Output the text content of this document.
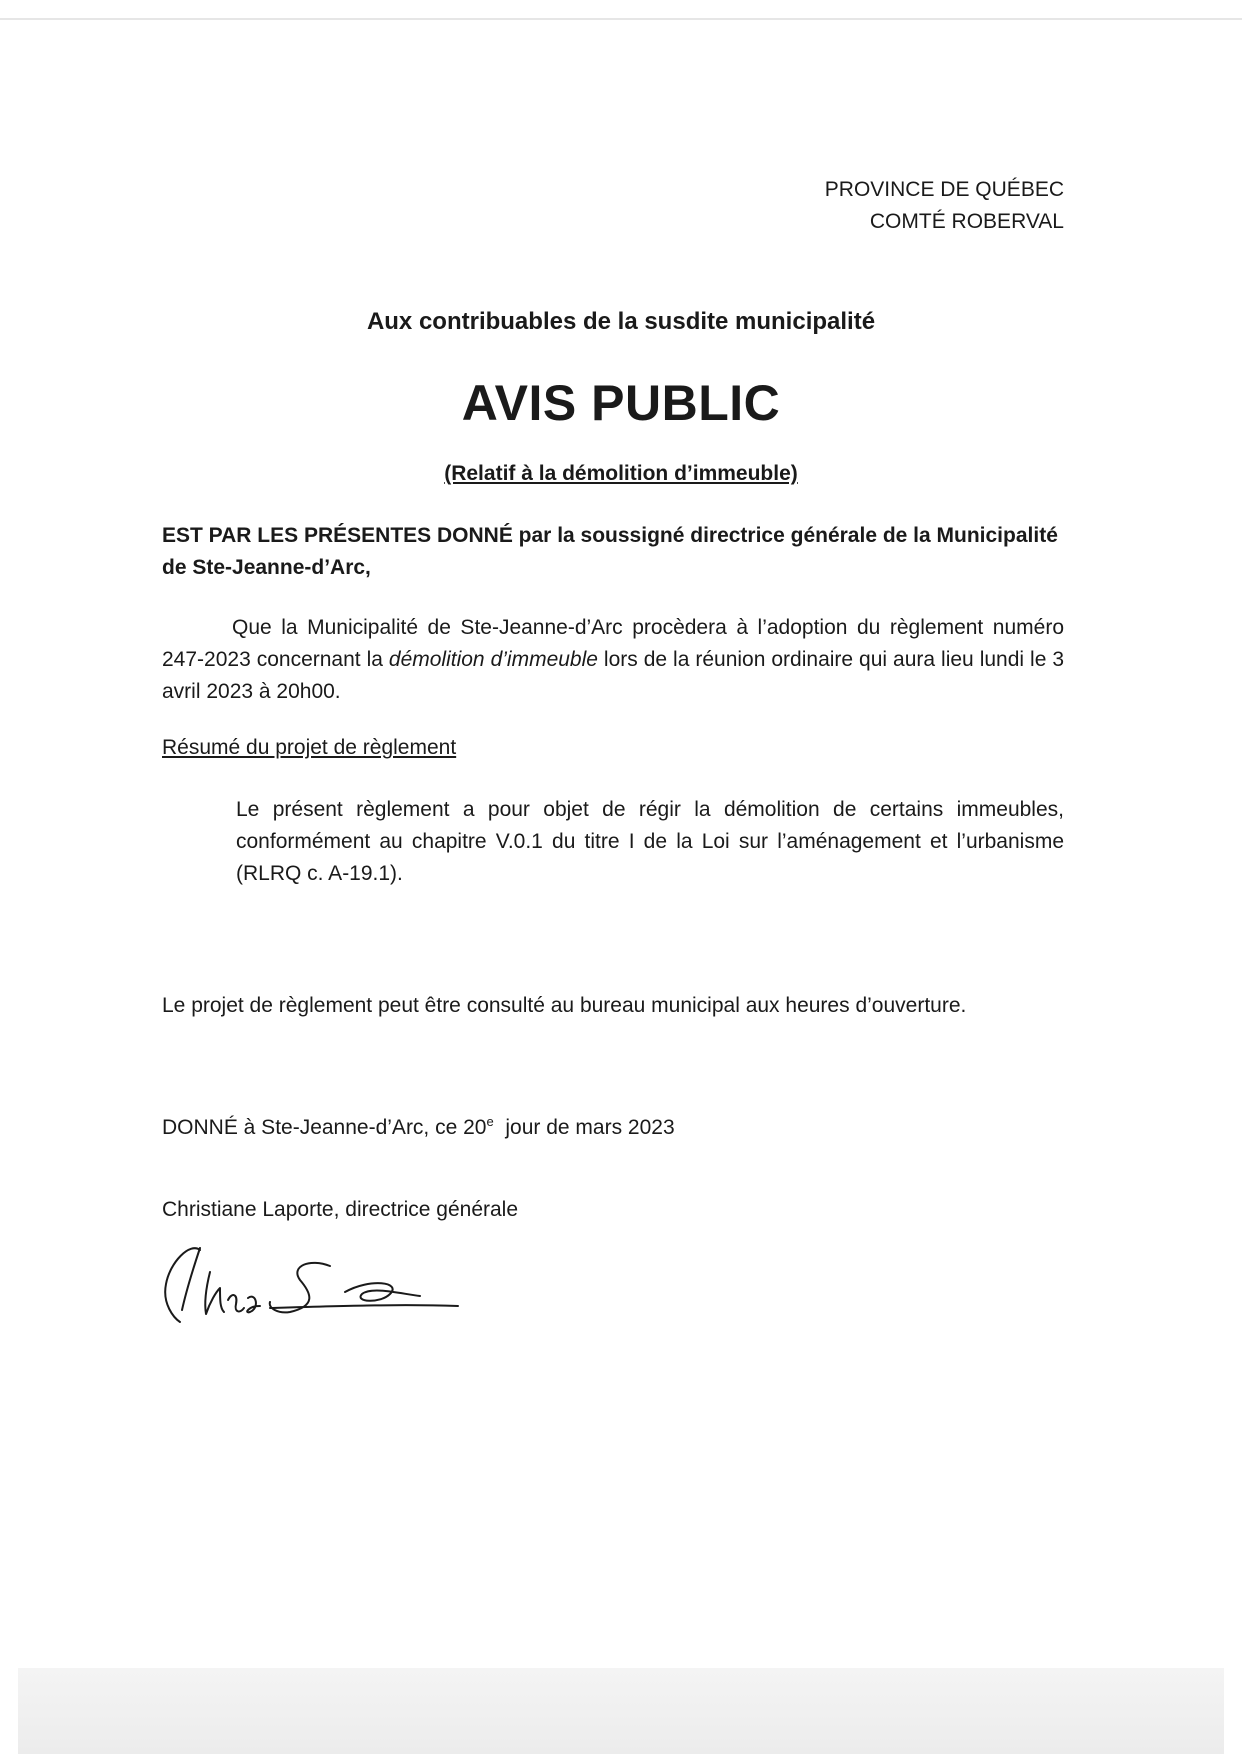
PROVINCE DE QUÉBEC
COMTÉ ROBERVAL
Aux contribuables de la susdite municipalité
AVIS PUBLIC
(Relatif à la démolition d’immeuble)
EST PAR LES PRÉSENTES DONNÉ par la soussigné directrice générale de la Municipalité de Ste-Jeanne-d’Arc,
Que la Municipalité de Ste-Jeanne-d’Arc procèdera à l’adoption du règlement numéro 247-2023 concernant la démolition d’immeuble lors de la réunion ordinaire qui aura lieu lundi le 3 avril 2023 à 20h00.
Résumé du projet de règlement
Le présent règlement a pour objet de régir la démolition de certains immeubles, conformément au chapitre V.0.1 du titre I de la Loi sur l’aménagement et l’urbanisme (RLRQ c. A-19.1).
Le projet de règlement peut être consulté au bureau municipal aux heures d’ouverture.
DONNÉ à Ste-Jeanne-d’Arc, ce 20e  jour de mars 2023
Christiane Laporte, directrice générale
